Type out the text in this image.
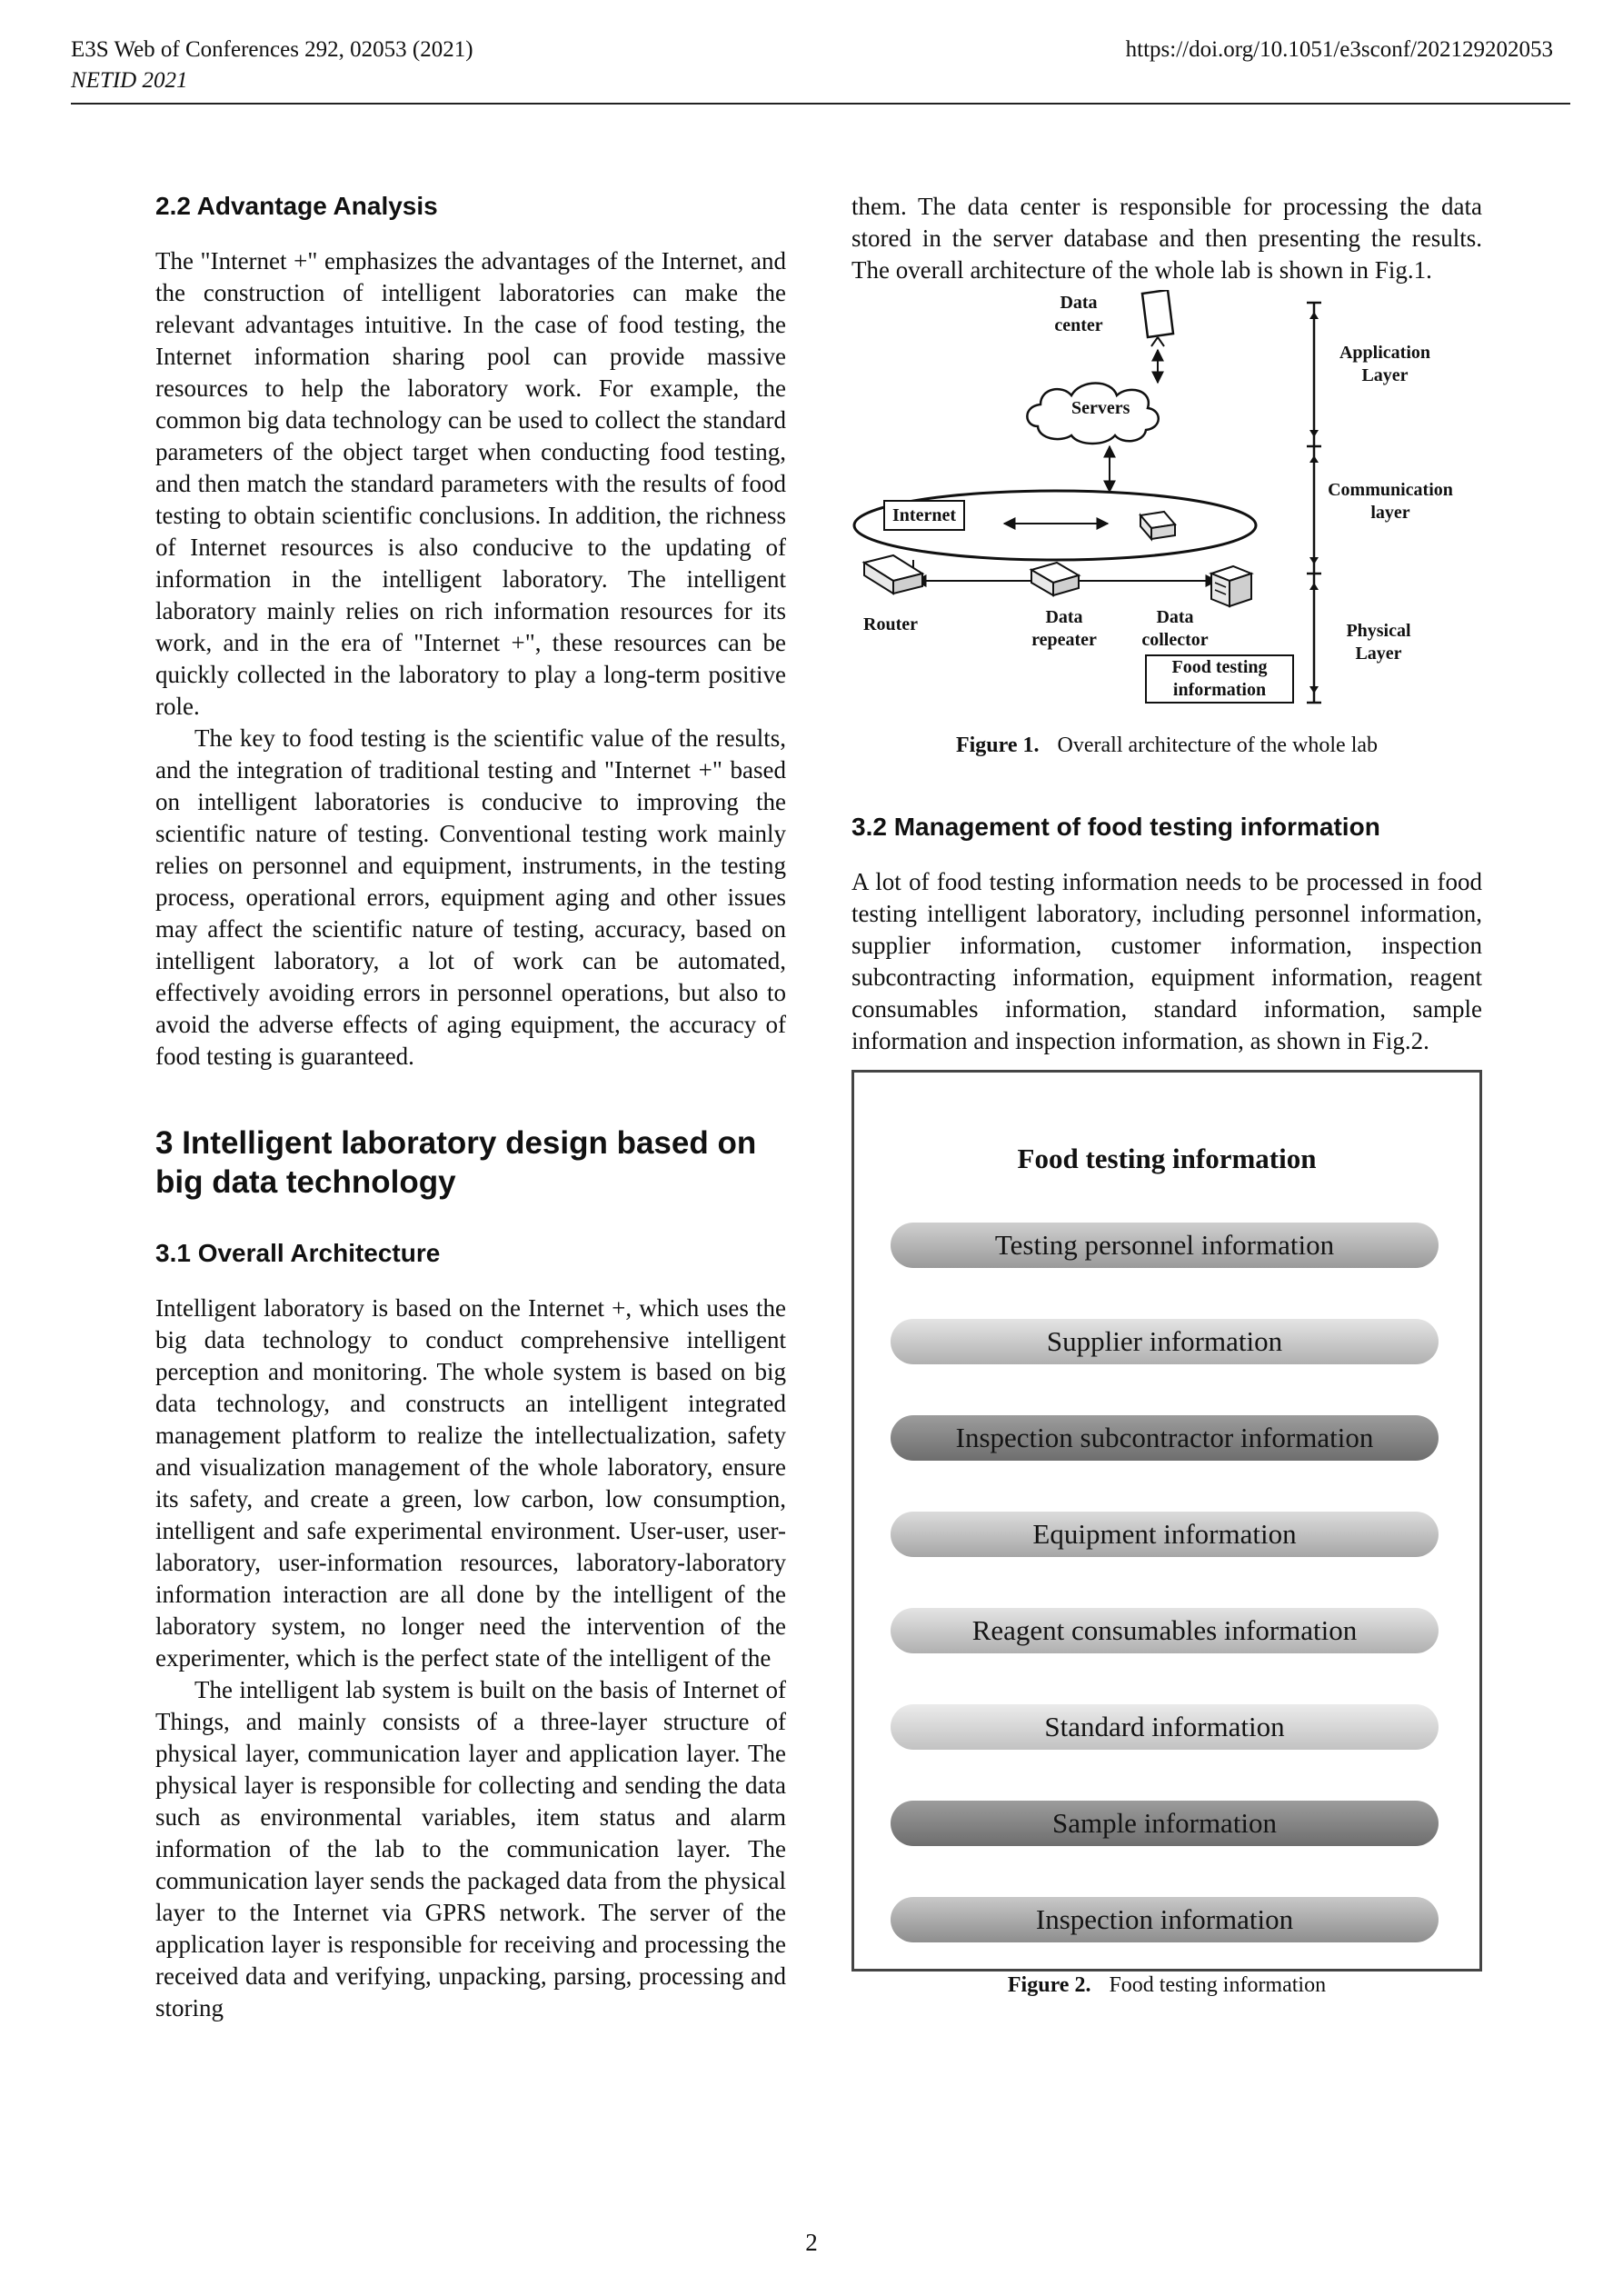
E3S Web of Conferences 292, 02053 (2021)
NETID 2021
https://doi.org/10.1051/e3sconf/202129202053
2.2 Advantage Analysis

The "Internet +" emphasizes the advantages of the Internet, and the construction of intelligent laboratories can make the relevant advantages intuitive. In the case of food testing, the Internet information sharing pool can provide massive resources to help the laboratory work. For example, the common big data technology can be used to collect the standard parameters of the object target when conducting food testing, and then match the standard parameters with the results of food testing to obtain scientific conclusions. In addition, the richness of Internet resources is also conducive to the updating of information in the intelligent laboratory. The intelligent laboratory mainly relies on rich information resources for its work, and in the era of "Internet +", these resources can be quickly collected in the laboratory to play a long-term positive role.

The key to food testing is the scientific value of the results, and the integration of traditional testing and "Internet +" based on intelligent laboratories is conducive to improving the scientific nature of testing. Conventional testing work mainly relies on personnel and equipment, instruments, in the testing process, operational errors, equipment aging and other issues may affect the scientific nature of testing, accuracy, based on intelligent laboratory, a lot of work can be automated, effectively avoiding errors in personnel operations, but also to avoid the adverse effects of aging equipment, the accuracy of food testing is guaranteed.

3 Intelligent laboratory design based on big data technology
3.1 Overall Architecture

Intelligent laboratory is based on the Internet +, which uses the big data technology to conduct comprehensive intelligent perception and monitoring. The whole system is based on big data technology, and constructs an intelligent integrated management platform to realize the intellectualization, safety and visualization management of the whole laboratory, ensure its safety, and create a green, low carbon, low consumption, intelligent and safe experimental environment. User-user, user-laboratory, user-information resources, laboratory-laboratory information interaction are all done by the intelligent of the laboratory system, no longer need the intervention of the experimenter, which is the perfect state of the intelligent of the

The intelligent lab system is built on the basis of Internet of Things, and mainly consists of a three-layer structure of physical layer, communication layer and application layer. The physical layer is responsible for collecting and sending the data such as environmental variables, item status and alarm information of the lab to the communication layer. The communication layer sends the packaged data from the physical layer to the Internet via GPRS network. The server of the application layer is responsible for receiving and processing the received data and verifying, unpacking, parsing, processing and storing

them. The data center is responsible for processing the data stored in the server database and then presenting the results. The overall architecture of the whole lab is shown in Fig.1.

Data center
Servers
Internet
Router	Data repeater
Data collector
Food testing information
Application Layer
Communication layer
Physical Layer
Figure 1. Overall architecture of the whole lab
3.2 Management of food testing information

A lot of food testing information needs to be processed in food testing intelligent laboratory, including personnel information, supplier information, customer information, inspection subcontracting information, equipment information, reagent consumables information, standard information, sample information and inspection information, as shown in Fig.2.

Food testing information
Testing personnel information
Supplier information
Inspection subcontractor information
Equipment information
Reagent consumables information
Standard information
Sample information
Inspection information
Figure 2. Food testing information
2
